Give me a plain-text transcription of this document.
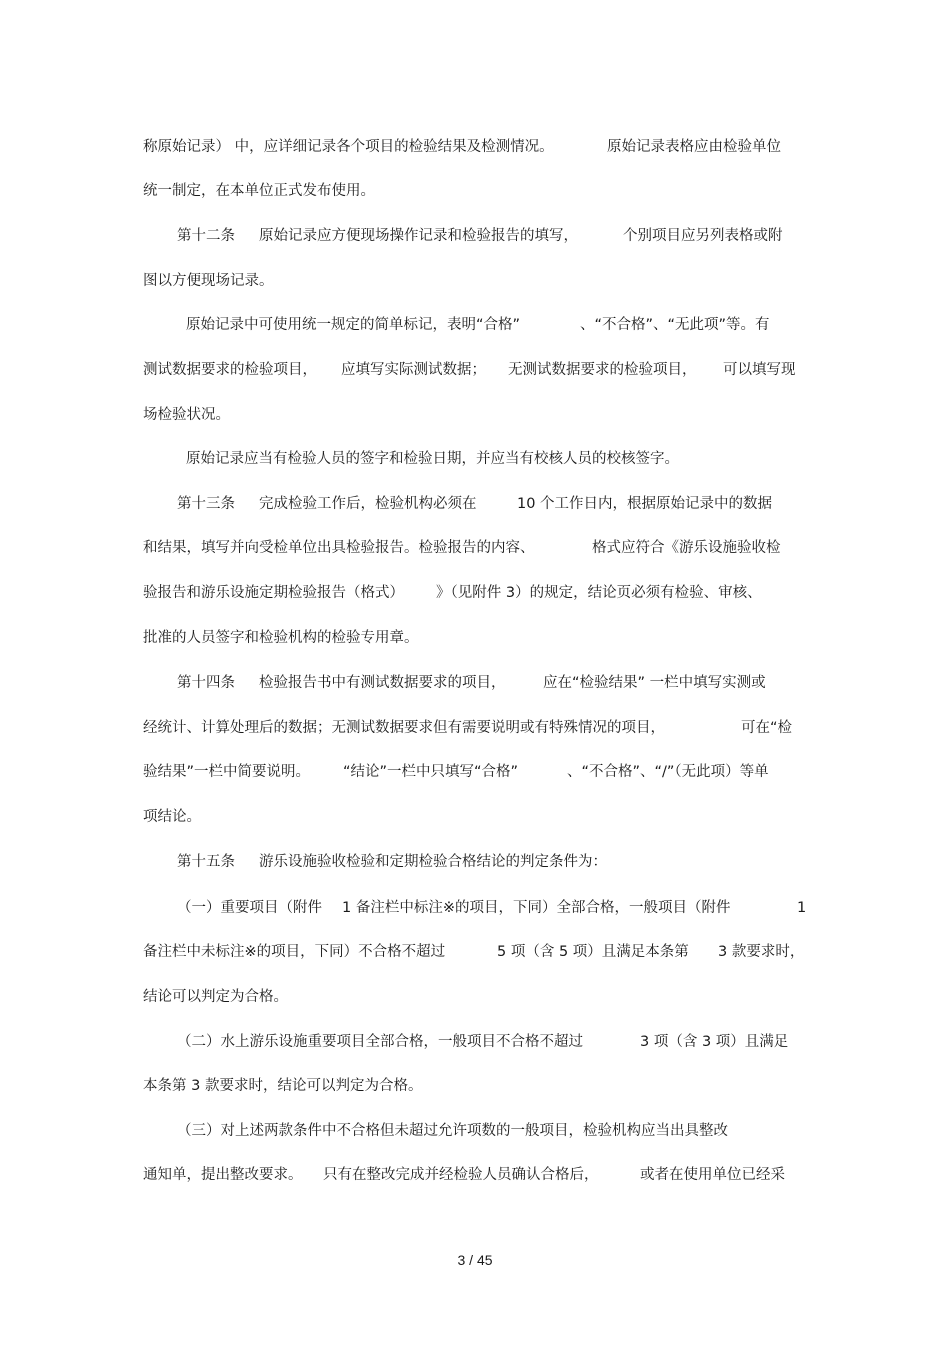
称原始记录） 中，应详细记录各个项目的检验结果及检测情况。	原始记录表格应由检验单位
统一制定，在本单位正式发布使用。
第十二条 原始记录应方便现场操作记录和检验报告的填写，	个别项目应另列表格或附
图以方便现场记录。
原始记录中可使用统一规定的简单标记，表明“合格”	、“不合格”、“无此项”等。有
测试数据要求的检验项目， 应填写实际测试数据； 无测试数据要求的检验项目， 可以填写现
场检验状况。
原始记录应当有检验人员的签字和检验日期，并应当有校核人员的校核签字。
第十三条 完成检验工作后，检验机构必须在	10 个工作日内，根据原始记录中的数据
和结果，填写并向受检单位出具检验报告。检验报告的内容、	格式应符合《游乐设施验收检
验报告和游乐设施定期检验报告（格式） 》（见附件 3）的规定，结论页必须有检验、审核、
批准的人员签字和检验机构的检验专用章。
第十四条 检验报告书中有测试数据要求的项目，	应在“检验结果” 一栏中填写实测或
经统计、计算处理后的数据；无测试数据要求但有需要说明或有特殊情况的项目，	可在“检
验结果”一栏中简要说明。 “结论”一栏中只填写“合格”	、“不合格”、“/”（无此项）等单
项结论。
第十五条 游乐设施验收检验和定期检验合格结论的判定条件为：
（一）重要项目（附件 1 备注栏中标注※的项目，下同）全部合格，一般项目（附件	1
备注栏中未标注※的项目，下同）不合格不超过	5 项（含 5 项）且满足本条第 3 款要求时，
结论可以判定为合格。
（二）水上游乐设施重要项目全部合格，一般项目不合格不超过	3 项（含 3 项）且满足
本条第 3 款要求时，结论可以判定为合格。
（三）对上述两款条件中不合格但未超过允许项数的一般项目，检验机构应当出具整改
通知单，提出整改要求。 只有在整改完成并经检验人员确认合格后，	或者在使用单位已经采
3 / 45
